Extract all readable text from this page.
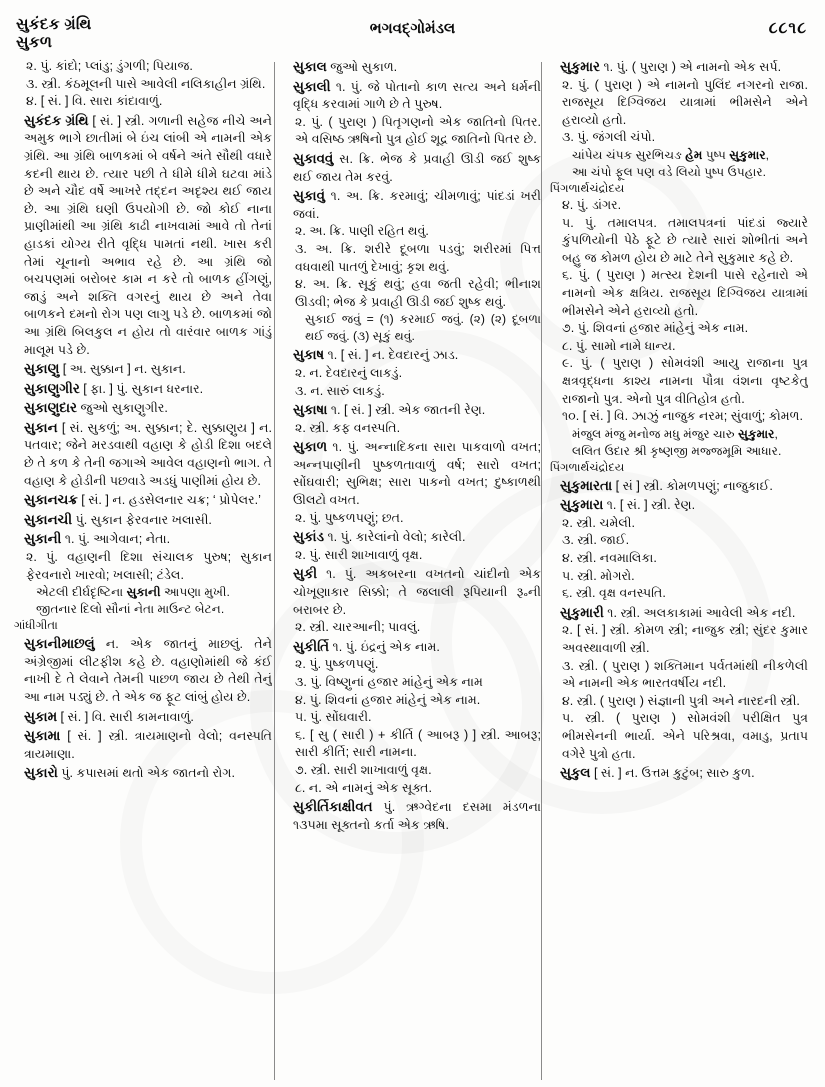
સુકંદક ગ્રંથિ
સુકળ
ભગવદ્ગોમંડલ	૮૮૧૮

૨. પું. કાંદો; પ્લાંડુ; ડુંગળી; પિયાજ.

૩. સ્ત્રી. કંઠમૂલની પાસે આવેલી નલિકાહીન ગ્રંથિ.

૪. [ સં. ] વિ. સારા કાંદાવાળું.

સુકંદક ગ્રંથિ [ સં. ] સ્ત્રી. ગળાની સહેજ નીચે અને અમુક ભાગે છાતીમાં બે ઇંચ લાંબી એ નામની એક ગ્રંથિ. આ ગ્રંથિ બાળકમાં બે વર્ષને અંતે સૌથી વધારે કદની થાય છે. ત્યાર પછી તે ધીમે ધીમે ઘટવા માંડે છે અને ચૌદ વર્ષે આખરે તદ્દન અદૃશ્ય થઈ જાય છે. આ ગ્રંથિ ઘણી ઉપયોગી છે. જો કોઈ નાના પ્રાણીમાંથી આ ગ્રંથિ કાઢી નાખવામાં આવે તો તેનાં હાડકાં યોગ્ય રીતે વૃદ્ધિ પામતાં નથી. ખાસ કરી તેમાં ચૂનાનો અભાવ રહે છે. આ ગ્રંથિ જો બચપણમાં બરોબર કામ ન કરે તો બાળક હીંગણું, જાડું અને શક્તિ વગરનું થાય છે અને તેવા બાળકને દમનો રોગ પણ લાગુ પડે છે. બાળકમાં જો આ ગ્રંથિ બિલકુલ ન હોય તો વારંવાર બાળક ગાંડું માલૂમ પડે છે.

સુકાણુ [ અ. સુક્કાન ] ન. સુકાન.

સુકાણુગીર [ ફા. ] પું. સુકાન ધરનાર.

સુકાણુદાર જુઓ સુકાણુગીર.

સુકાન [ સં. સુકળું; અ. સુક્કાન; દે. સુક્કાણુય ] ન. પતવાર; જેને મરડવાથી વહાણ કે હોડી દિશા બદલે છે તે કળ કે તેની જગાએ આવેલ વહાણનો ભાગ. તે વહાણ કે હોડીની પછવાડે અડધું પાણીમાં હોય છે.

સુકાનચક્ર [ સં. ] ન. હડસેલનાર ચક્ર; ‘ પ્રોપેલર.’

સુકાનચી પું. સુકાન ફેરવનાર ખલાસી.

સુકાની ૧. પું. આગેવાન; નેતા.

૨. પું. વહાણની દિશા સંચાલક પુરુષ; સુકાન ફેરવનારો ખારવો; ખલાસી; ટંડેલ.

એટલી દીર્ઘદૃષ્ટિના સુકાની આપણા મુખી.

જીતનાર દિલો સૌનાં નેતા માઉન્ટ બેટન.

ગાંધીગીતા

સુકાનીમાછલું ન. એક જાતનું માછલું. તેને અંગ્રેજીમાં લીટફીશ કહે છે. વહાણોમાંથી જે કંઈ નાખી દે તે લેવાને તેમની પાછળ જાય છે તેથી તેનું આ નામ પડ્યું છે. તે એક જ ફૂટ લાંબું હોય છે.

સુકામ [ સં. ] વિ. સારી કામનાવાળું.

સુકામા [ સં. ] સ્ત્રી. ત્રાયમાણનો વેલો; વનસ્પતિ ત્રાયમાણા.

સુકારો પું. કપાસમાં થતો એક જાતનો રોગ.

સુકાલ જુઓ સુકાળ.

સુકાલી ૧. પું. જે પોતાનો કાળ સત્ય અને ધર્મની વૃદ્ધિ કરવામાં ગાળે છે તે પુરુષ.

૨. પું. ( પુરાણ ) પિતૃગણનો એક જાતિનો પિતર. એ વસિષ્ઠ ઋષિનો પુત્ર હોઈ શૂદ્ર જાતિનો પિતર છે.

સુકાવવું સ. ક્રિ. ભેજ કે પ્રવાહી ઊડી જઈ શુષ્ક થઈ જાય તેમ કરવું.

સુકાવું ૧. અ. ક્રિ. કરમાવું; ચીમળાવું; પાંદડાં ખરી જવાં.

૨. અ. ક્રિ. પાણી રહિત થવું.

૩. અ. ક્રિ. શરીરે દૂબળા પડવું; શરીરમાં પિત્ત વધવાથી પાતળું દેખાવું; કૃશ થવું.

૪. અ. ક્રિ. સૂકું થવું; હવા જતી રહેવી; ભીનાશ ઊડવી; ભેજ કે પ્રવાહી ઊડી જઈ શુષ્ક થવું.

સુકાઈ જવું = (૧) કરમાઈ જવું. (૨) (૨) દૂબળા થઈ જવું. (૩) સૂકું થવું.

સુકાષ ૧. [ સં. ] ન. દેવદારનું ઝાડ.

૨. ન. દેવદારનું લાકડું.

૩. ન. સારું લાકડું.

સુકાષા ૧. [ સં. ] સ્ત્રી. એક જાતની રેણ.

૨. સ્ત્રી. કફ વનસ્પતિ.

સુકાળ ૧. પું. અન્નાદિકના સારા પાકવાળો વખત; અન્નપાણીની પુષ્કળતાવાળું વર્ષ; સારો વખત; સોંઘવારી; સુભિક્ષ; સારા પાકનો વખત; દુષ્કાળથી ઊલટો વખત.

૨. પું. પુષ્કળપણું; છત.

સુકાંડ ૧. પું. કારેલાંનો વેલો; કારેલી.

૨. પું. સારી શાખાવાળું વૃક્ષ.

સુકી ૧. પું. અકબરના વખતનો ચાંદીનો એક ચોખૂણાકાર સિક્કો; તે જલાલી રૂપિયાની રૂ૰ની બરાબર છે.

૨. સ્ત્રી. ચારઆની; પાવલું.

સુકીર્તિ ૧. પું. ઇંદ્રનું એક નામ.

૨. પું. પુષ્કળપણું.

૩. પું. વિષ્ણુનાં હજાર માંહેનું એક નામ

૪. પું. શિવનાં હજાર માંહેનું એક નામ.

૫. પું. સોંઘવારી.

૬. [ સુ ( સારી ) + કીર્તિ ( આબરૂ ) ] સ્ત્રી. આબરૂ; સારી કીર્તિ; સારી નામના.

૭. સ્ત્રી. સારી શાખાવાળું વૃક્ષ.

૮. ન. એ નામનું એક સૂક્ત.

સુકીર્તિકાક્ષીવત પું. ઋગ્વેદના દસમા મંડળના ૧૩૫મા સૂક્તનો કર્તા એક ઋષિ.

સુકુમાર ૧. પું. ( પુરાણ ) એ નામનો એક સર્પ.

૨. પું. ( પુરાણ ) એ નામનો પુલિંદ નગરનો રાજા. રાજસૂય દિગ્વિજય યાત્રામાં ભીમસેને એને હરાવ્યો હતો.

૩. પું. જંગલી ચંપો.

ચાંપેય ચંપક સુરભિચઙ હેમ પુષ્પ સુકુમાર,

આ ચંપો ફૂલ પણ વડે લિયો પુષ્પ ઉપહાર.

પિંગળાર્થચંદ્રોદય

૪. પું. ડાંગર.

૫. પું. તમાલપત્ર. તમાલપત્રનાં પાંદડાં જ્યારે કુંપળિયોની પેઠે ફૂટે છે ત્યારે સારાં શોભીતાં અને બહુ જ કોમળ હોય છે માટે તેને સુકુમાર કહે છે.

૬. પું. ( પુરાણ ) મત્સ્ય દેશની પાસે રહેનારો એ નામનો એક ક્ષત્રિય. રાજસૂય દિગ્વિજય યાત્રામાં ભીમસેને એને હરાવ્યો હતો.

૭. પું. શિવનાં હજાર માંહેનું એક નામ.

૮. પું. સામો નામે ધાન્ય.

૯. પું. ( પુરાણ ) સોમવંશી આયુ રાજાના પુત્ર ક્ષત્રવૃદ્ધના કાશ્ય નામના પૌત્રા વંશના વૃષ્ટકેતુ રાજાનો પુત્ર. એનો પુત્ર વીતિહોત્ર હતો.

૧૦. [ સં. ] વિ. ઝાઝું નાજુક નરમ; સુંવાળું; કોમળ.

મંજુલ મંજુ મનોજ મધુ મંજુર ચારુ સુકુમાર,

લલિત ઉદાર શ્રી કૃષ્ણજી મજ્જમૂમિ આધાર.

પિંગળાર્થચંદ્રોદય

સુકુમારતા [ સં ] સ્ત્રી. કોમળપણું; નાજુકાઈ.

સુકુમારા ૧. [ સં. ] સ્ત્રી. રેણ.

૨. સ્ત્રી. ચમેલી.

૩. સ્ત્રી. જાઈ.

૪. સ્ત્રી. નવમાલિકા.

૫. સ્ત્રી. મોગરો.

૬. સ્ત્રી. વૃક્ષ વનસ્પતિ.

સુકુમારી ૧. સ્ત્રી. અલકાકામાં આવેલી એક નદી.

૨. [ સં. ] સ્ત્રી. કોમળ સ્ત્રી; નાજુક સ્ત્રી; સુંદર કુમાર અવસ્થાવાળી સ્ત્રી.

૩. સ્ત્રી. ( પુરાણ ) શક્તિમાન પર્વતમાંથી નીકળેલી એ નામની એક ભારતવર્ષીય નદી.

૪. સ્ત્રી. ( પુરાણ ) સંજ્ઞાની પુત્રી અને નારદની સ્ત્રી.

૫. સ્ત્રી. ( પુરાણ ) સોમવંશી પરીક્ષિત પુત્ર ભીમસેનની ભાર્યા. એને પરિશ્રવા, વમાડુ, પ્રતાપ વગેરે પુત્રો હતા.

સુકુલ [ સં. ] ન. ઉત્તમ કુટુંબ; સારુ કુળ.
